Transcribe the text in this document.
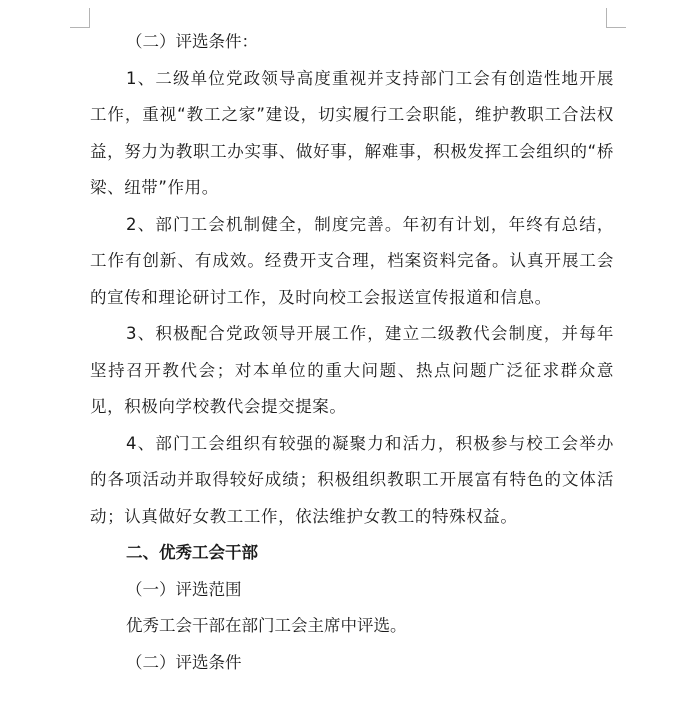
（二）评选条件：

1、二级单位党政领导高度重视并支持部门工会有创造性地开展工作，重视“教工之家”建设，切实履行工会职能，维护教职工合法权益，努力为教职工办实事、做好事，解难事，积极发挥工会组织的“桥梁、纽带”作用。

2、部门工会机制健全，制度完善。年初有计划，年终有总结，工作有创新、有成效。经费开支合理，档案资料完备。认真开展工会的宣传和理论研讨工作，及时向校工会报送宣传报道和信息。

3、积极配合党政领导开展工作，建立二级教代会制度，并每年坚持召开教代会；对本单位的重大问题、热点问题广泛征求群众意见，积极向学校教代会提交提案。

4、部门工会组织有较强的凝聚力和活力，积极参与校工会举办的各项活动并取得较好成绩；积极组织教职工开展富有特色的文体活动；认真做好女教工工作，依法维护女教工的特殊权益。

二、优秀工会干部

（一）评选范围

优秀工会干部在部门工会主席中评选。

（二）评选条件
